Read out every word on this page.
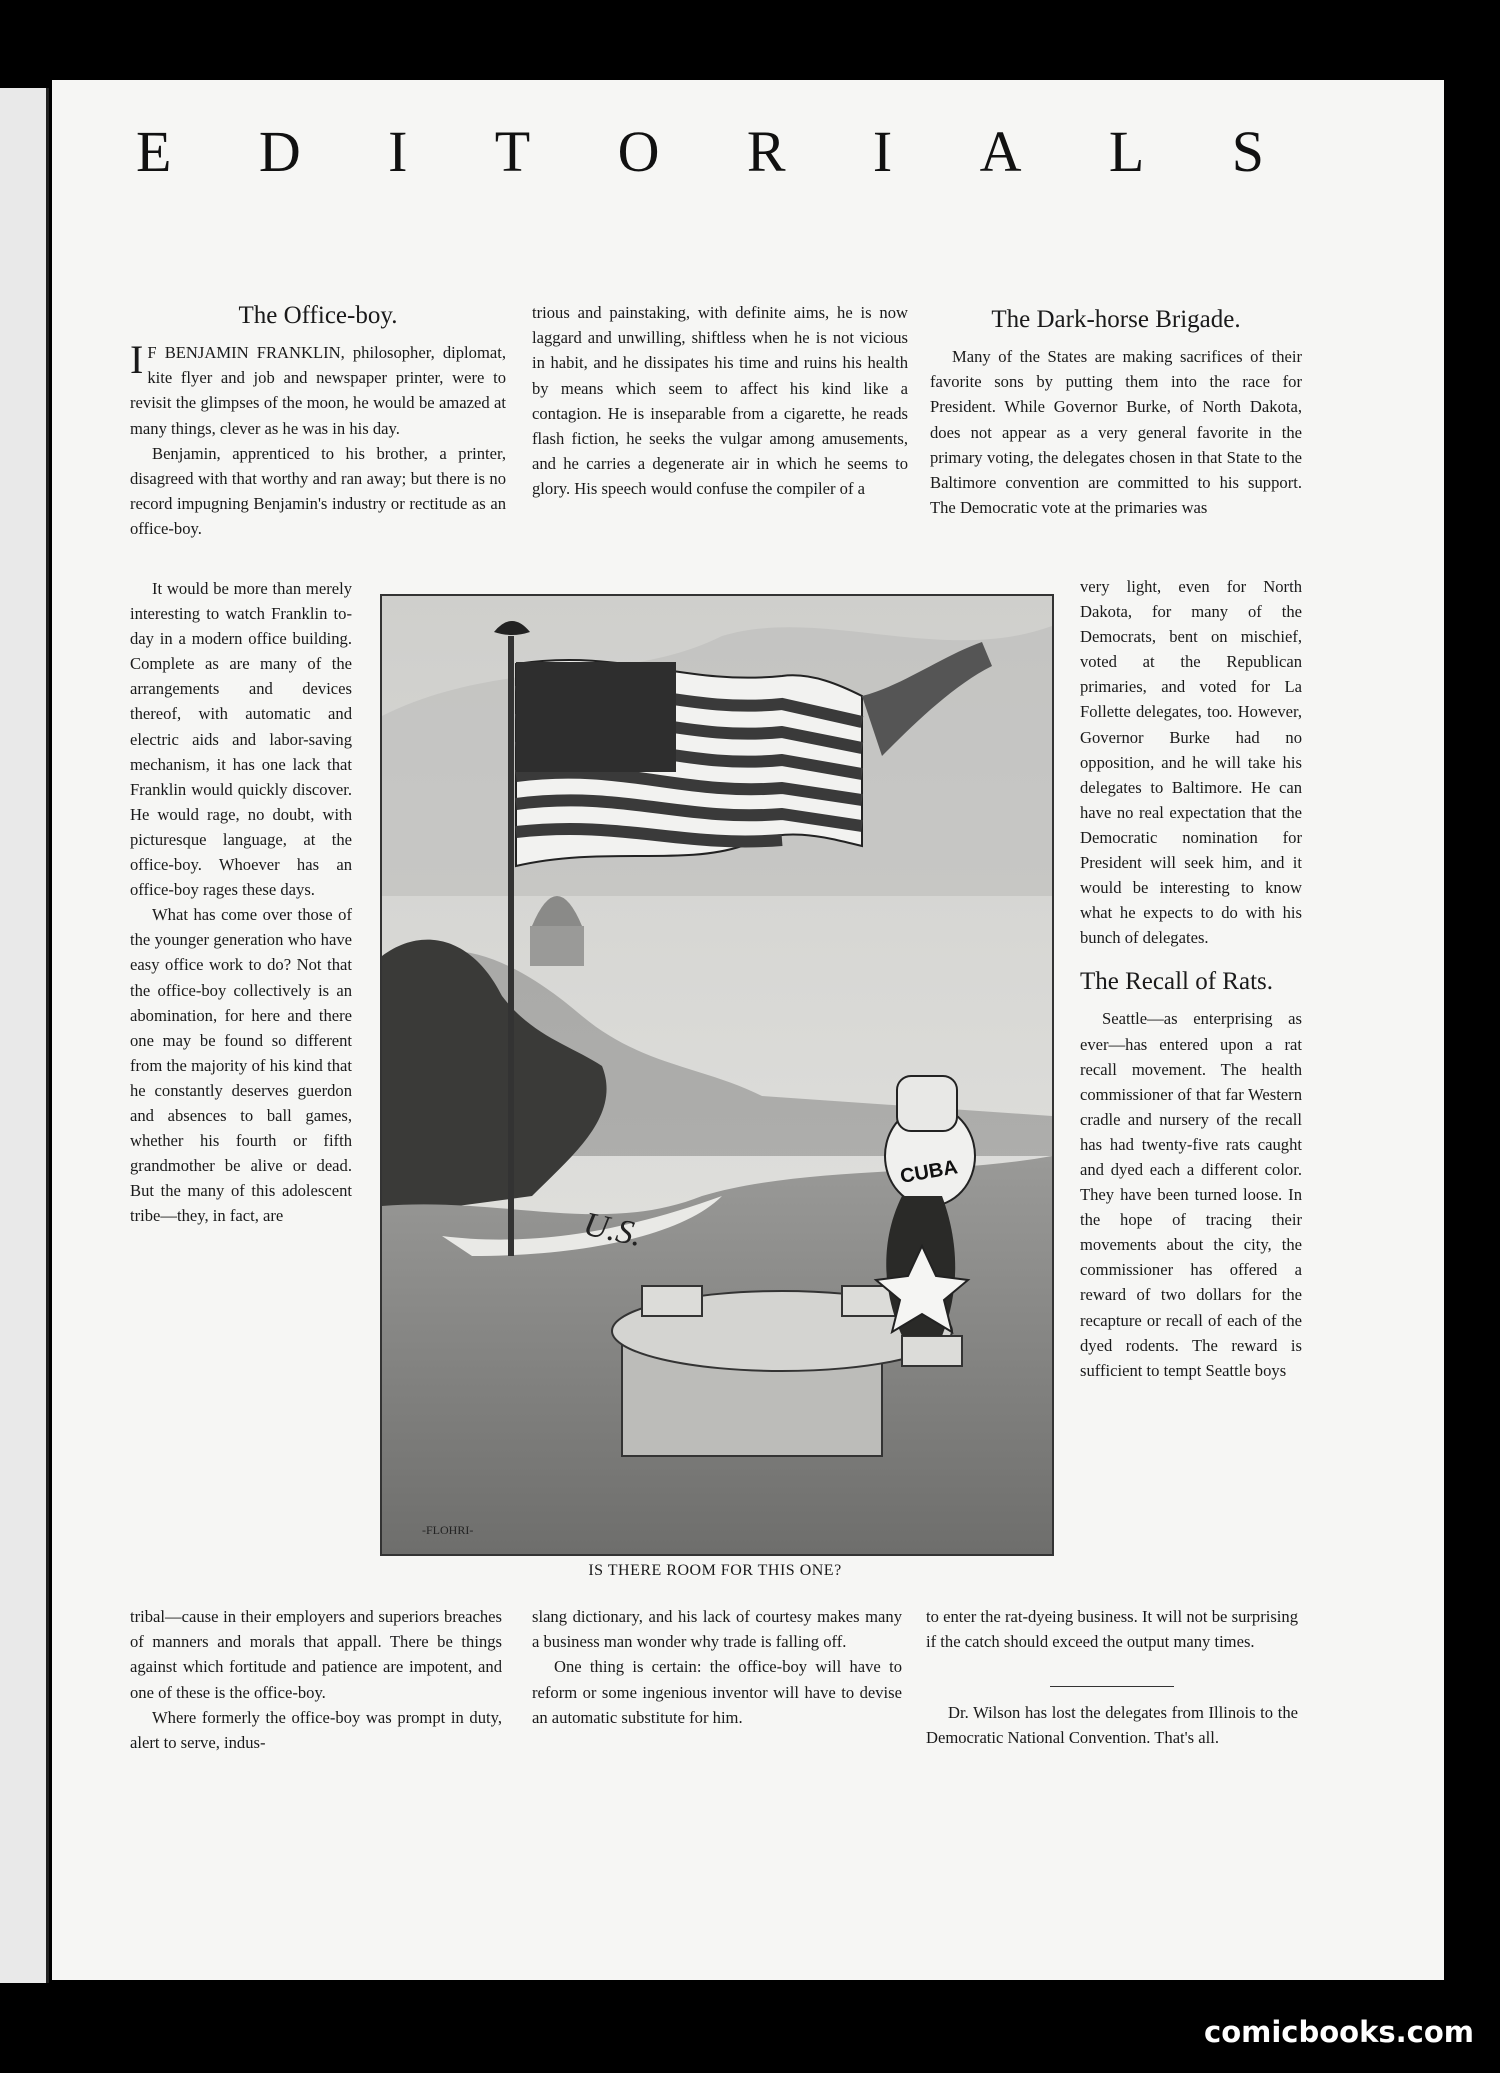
E D I T O R I A L S
The Office-boy.

I F BENJAMIN FRANKLIN, philosopher, diplomat, kite flyer and job and newspaper printer, were to revisit the glimpses of the moon, he would be amazed at many things, clever as he was in his day.

Benjamin, apprenticed to his brother, a printer, disagreed with that worthy and ran away; but there is no record impugning Benjamin's industry or rectitude as an office-boy.

It would be more than merely interesting to watch Franklin to-day in a modern office building. Complete as are many of the arrangements and devices thereof, with automatic and electric aids and labor-saving mechanism, it has one lack that Franklin would quickly discover. He would rage, no doubt, with picturesque language, at the office-boy. Whoever has an office-boy rages these days.

What has come over those of the younger generation who have easy office work to do? Not that the office-boy collectively is an abomination, for here and there one may be found so different from the majority of his kind that he constantly deserves guerdon and absences to ball games, whether his fourth or fifth grandmother be alive or dead. But the many of this adolescent tribe—they, in fact, are

tribal—cause in their employers and superiors breaches of manners and morals that appall. There be things against which fortitude and patience are impotent, and one of these is the office-boy.

Where formerly the office-boy was prompt in duty, alert to serve, indus-

trious and painstaking, with definite aims, he is now laggard and unwilling, shiftless when he is not vicious in habit, and he dissipates his time and ruins his health by means which seem to affect his kind like a contagion. He is inseparable from a cigarette, he reads flash fiction, he seeks the vulgar among amusements, and he carries a degenerate air in which he seems to glory. His speech would confuse the compiler of a

slang dictionary, and his lack of courtesy makes many a business man wonder why trade is falling off.

One thing is certain: the office-boy will have to reform or some ingenious inventor will have to devise an automatic substitute for him.

The Dark-horse Brigade.

Many of the States are making sacrifices of their favorite sons by putting them into the race for President. While Governor Burke, of North Dakota, does not appear as a very general favorite in the primary voting, the delegates chosen in that State to the Baltimore convention are committed to his support. The Democratic vote at the primaries was

very light, even for North Dakota, for many of the Democrats, bent on mischief, voted at the Republican primaries, and voted for La Follette delegates, too. However, Governor Burke had no opposition, and he will take his delegates to Baltimore. He can have no real expectation that the Democratic nomination for President will seek him, and it would be interesting to know what he expects to do with his bunch of delegates.

The Recall of Rats.

Seattle—as enterprising as ever—has entered upon a rat recall movement. The health commissioner of that far Western cradle and nursery of the recall has had twenty-five rats caught and dyed each a different color. They have been turned loose. In the hope of tracing their movements about the city, the commissioner has offered a reward of two dollars for the recapture or recall of each of the dyed rodents. The reward is sufficient to tempt Seattle boys

to enter the rat-dyeing business. It will not be surprising if the catch should exceed the output many times.

Dr. Wilson has lost the delegates from Illinois to the Democratic National Convention. That's all.

U.S.
CUBA
-FLOHRI-
IS THERE ROOM FOR THIS ONE?
comicbooks.com
